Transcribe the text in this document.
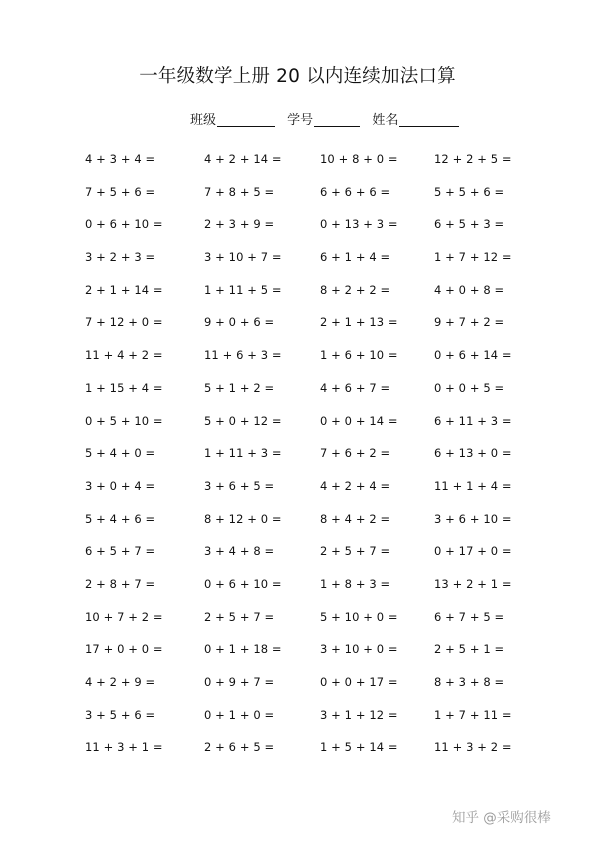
一年级数学上册 20 以内连续加法口算
班级	学号	姓名
4 + 3 + 4 =	4 + 2 + 14 =	10 + 8 + 0 =	12 + 2 + 5 =
7 + 5 + 6 =	7 + 8 + 5 =	6 + 6 + 6 =	5 + 5 + 6 =
0 + 6 + 10 =	2 + 3 + 9 =	0 + 13 + 3 =	6 + 5 + 3 =
3 + 2 + 3 =	3 + 10 + 7 =	6 + 1 + 4 =	1 + 7 + 12 =
2 + 1 + 14 =	1 + 11 + 5 =	8 + 2 + 2 =	4 + 0 + 8 =
7 + 12 + 0 =	9 + 0 + 6 =	2 + 1 + 13 =	9 + 7 + 2 =
11 + 4 + 2 =	11 + 6 + 3 =	1 + 6 + 10 =	0 + 6 + 14 =
1 + 15 + 4 =	5 + 1 + 2 =	4 + 6 + 7 =	0 + 0 + 5 =
0 + 5 + 10 =	5 + 0 + 12 =	0 + 0 + 14 =	6 + 11 + 3 =
5 + 4 + 0 =	1 + 11 + 3 =	7 + 6 + 2 =	6 + 13 + 0 =
3 + 0 + 4 =	3 + 6 + 5 =	4 + 2 + 4 =	11 + 1 + 4 =
5 + 4 + 6 =	8 + 12 + 0 =	8 + 4 + 2 =	3 + 6 + 10 =
6 + 5 + 7 =	3 + 4 + 8 =	2 + 5 + 7 =	0 + 17 + 0 =
2 + 8 + 7 =	0 + 6 + 10 =	1 + 8 + 3 =	13 + 2 + 1 =
10 + 7 + 2 =	2 + 5 + 7 =	5 + 10 + 0 =	6 + 7 + 5 =
17 + 0 + 0 =	0 + 1 + 18 =	3 + 10 + 0 =	2 + 5 + 1 =
4 + 2 + 9 =	0 + 9 + 7 =	0 + 0 + 17 =	8 + 3 + 8 =
3 + 5 + 6 =	0 + 1 + 0 =	3 + 1 + 12 =	1 + 7 + 11 =
11 + 3 + 1 =	2 + 6 + 5 =	1 + 5 + 14 =	11 + 3 + 2 =
知乎 @采购很棒
